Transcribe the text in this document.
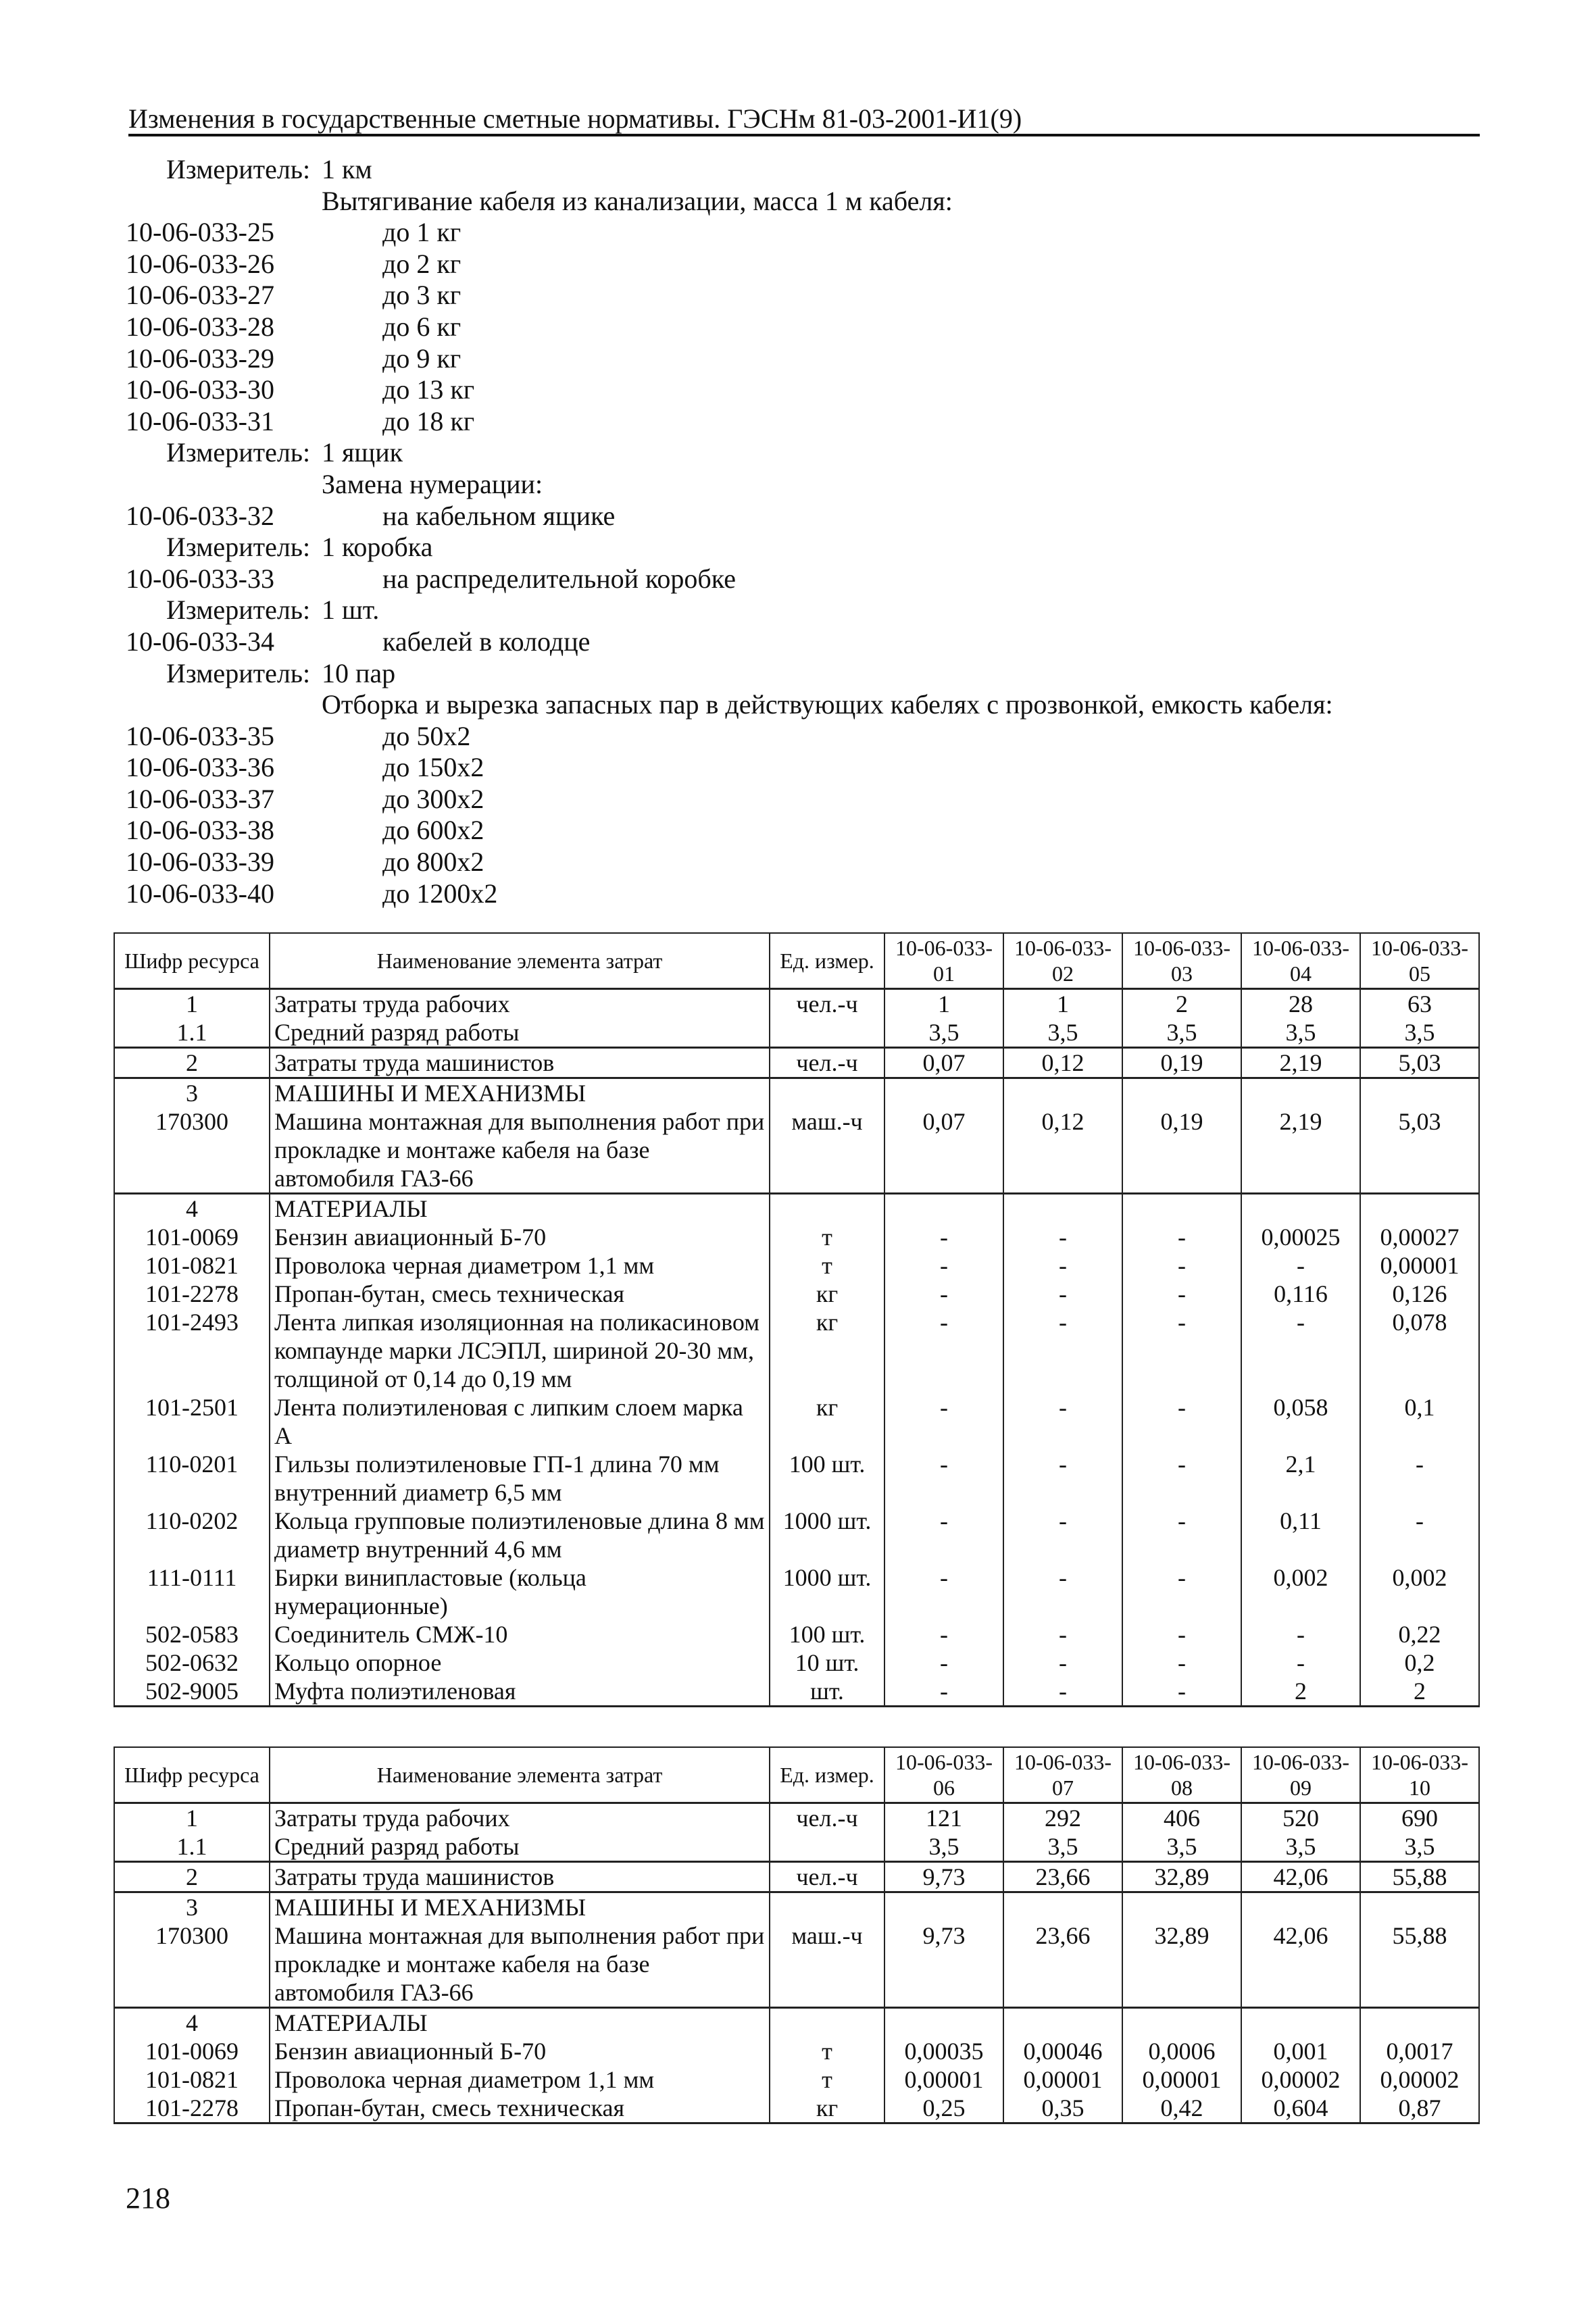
Изменения в государственные сметные нормативы. ГЭСНм 81-03-2001-И1(9)
Измеритель: 1 км
Вытягивание кабеля из канализации, масса 1 м кабеля:
10-06-033-25	до 1 кг
10-06-033-26	до 2 кг
10-06-033-27	до 3 кг
10-06-033-28	до 6 кг
10-06-033-29	до 9 кг
10-06-033-30	до 13 кг
10-06-033-31	до 18 кг
Измеритель: 1 ящик
Замена нумерации:
10-06-033-32	на кабельном ящике
Измеритель: 1 коробка
10-06-033-33	на распределительной коробке
Измеритель: 1 шт.
10-06-033-34	кабелей в колодце
Измеритель: 10 пар
Отборка и вырезка запасных пар в действующих кабелях с прозвонкой, емкость кабеля:
10-06-033-35	до 50х2
10-06-033-36	до 150х2
10-06-033-37	до 300х2
10-06-033-38	до 600х2
10-06-033-39	до 800х2
10-06-033-40	до 1200х2
Шифр ресурса	Наименование элемента затрат	Ед. измер.	10-06-033-01	10-06-033-02	10-06-033-03	10-06-033-04	10-06-033-05
1	Затраты труда рабочих	чел.-ч	1	1	2	28	63
1.1	Средний разряд работы		3,5	3,5	3,5	3,5	3,5
2	Затраты труда машинистов	чел.-ч	0,07	0,12	0,19	2,19	5,03
3	МАШИНЫ И МЕХАНИЗМЫ						
170300	Машина монтажная для выполнения работ при прокладке и монтаже кабеля на базе автомобиля ГАЗ-66	маш.-ч	0,07	0,12	0,19	2,19	5,03
4	МАТЕРИАЛЫ						
101-0069	Бензин авиационный Б-70	т	-	-	-	0,00025	0,00027
101-0821	Проволока черная диаметром 1,1 мм	т	-	-	-	-	0,00001
101-2278	Пропан-бутан, смесь техническая	кг	-	-	-	0,116	0,126
101-2493	Лента липкая изоляционная на поликасиновом компаунде марки ЛСЭПЛ, шириной 20-30 мм, толщиной от 0,14 до 0,19 мм	кг	-	-	-	-	0,078
101-2501	Лента полиэтиленовая с липким слоем марка А	кг	-	-	-	0,058	0,1
110-0201	Гильзы полиэтиленовые ГП-1 длина 70 мм внутренний диаметр 6,5 мм	100 шт.	-	-	-	2,1	-
110-0202	Кольца групповые полиэтиленовые длина 8 мм диаметр внутренний 4,6 мм	1000 шт.	-	-	-	0,11	-
111-0111	Бирки винипластовые (кольца нумерационные)	1000 шт.	-	-	-	0,002	0,002
502-0583	Соединитель СМЖ-10	100 шт.	-	-	-	-	0,22
502-0632	Кольцо опорное	10 шт.	-	-	-	-	0,2
502-9005	Муфта полиэтиленовая	шт.	-	-	-	2	2
Шифр ресурса	Наименование элемента затрат	Ед. измер.	10-06-033-06	10-06-033-07	10-06-033-08	10-06-033-09	10-06-033-10
1	Затраты труда рабочих	чел.-ч	121	292	406	520	690
1.1	Средний разряд работы		3,5	3,5	3,5	3,5	3,5
2	Затраты труда машинистов	чел.-ч	9,73	23,66	32,89	42,06	55,88
3	МАШИНЫ И МЕХАНИЗМЫ						
170300	Машина монтажная для выполнения работ при прокладке и монтаже кабеля на базе автомобиля ГАЗ-66	маш.-ч	9,73	23,66	32,89	42,06	55,88
4	МАТЕРИАЛЫ						
101-0069	Бензин авиационный Б-70	т	0,00035	0,00046	0,0006	0,001	0,0017
101-0821	Проволока черная диаметром 1,1 мм	т	0,00001	0,00001	0,00001	0,00002	0,00002
101-2278	Пропан-бутан, смесь техническая	кг	0,25	0,35	0,42	0,604	0,87
218
